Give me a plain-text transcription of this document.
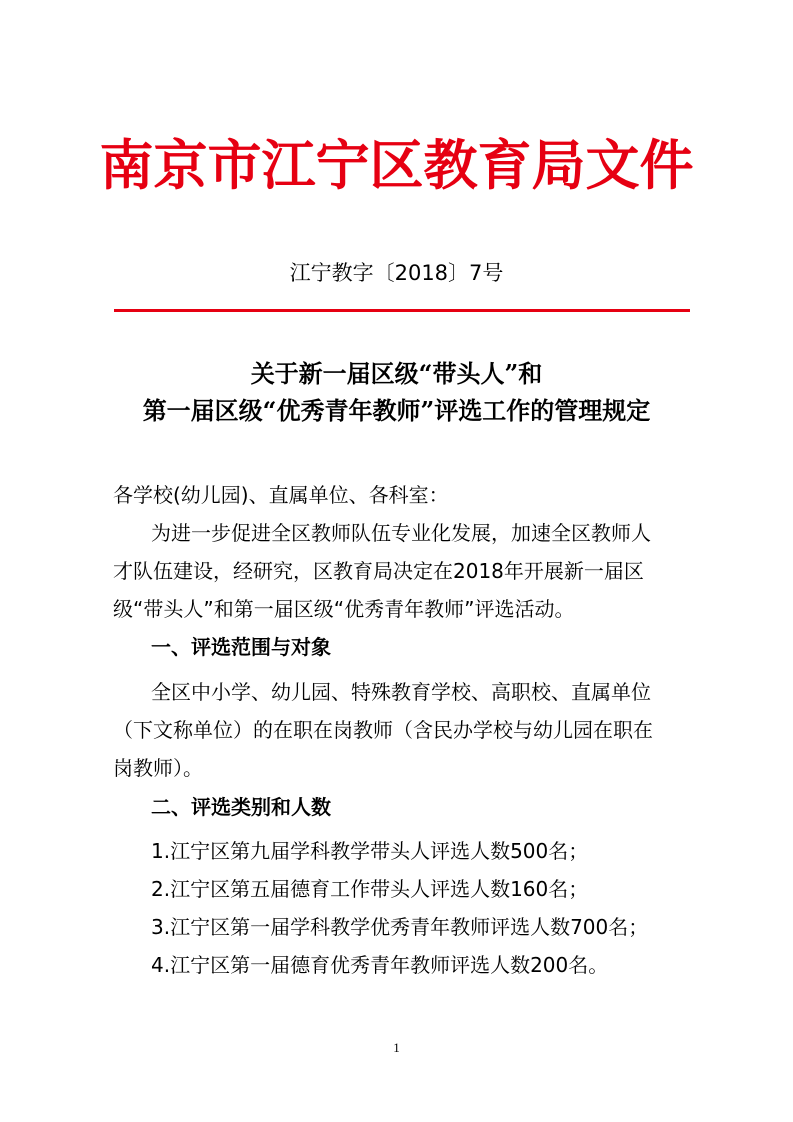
南京市江宁区教育局文件
江宁教字〔2018〕7号
关于新一届区级“带头人”和
第一届区级“优秀青年教师”评选工作的管理规定
各学校(幼儿园)、直属单位、各科室：
为进一步促进全区教师队伍专业化发展，加速全区教师人
才队伍建设，经研究，区教育局决定在2018年开展新一届区
级“带头人”和第一届区级“优秀青年教师”评选活动。
一、评选范围与对象
全区中小学、幼儿园、特殊教育学校、高职校、直属单位
（下文称单位）的在职在岗教师（含民办学校与幼儿园在职在
岗教师）。
二、评选类别和人数
1.江宁区第九届学科教学带头人评选人数500名；
2.江宁区第五届德育工作带头人评选人数160名；
3.江宁区第一届学科教学优秀青年教师评选人数700名；
4.江宁区第一届德育优秀青年教师评选人数200名。
1
